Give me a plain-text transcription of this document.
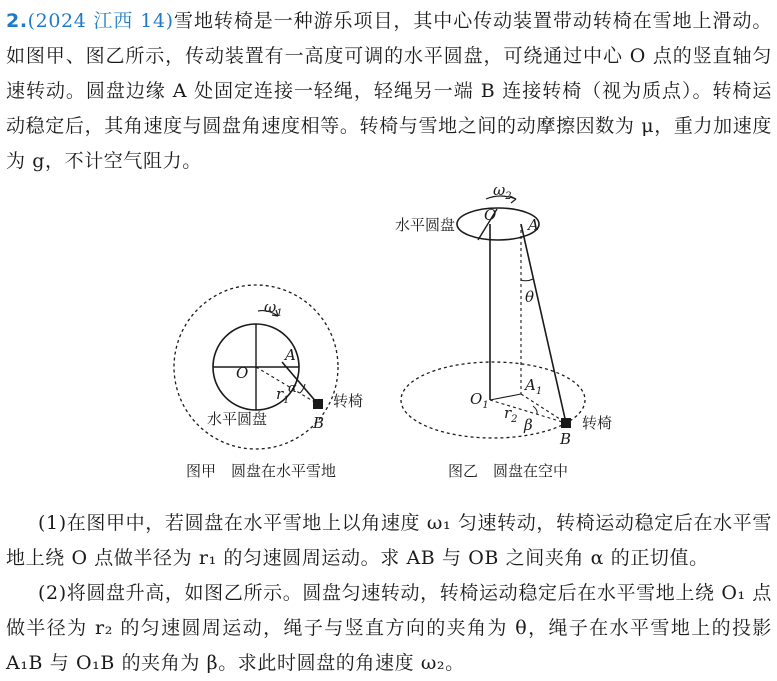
2.(2024 江西 14)雪地转椅是一种游乐项目，其中心传动装置带动转椅在雪地上滑动。如图甲、图乙所示，传动装置有一高度可调的水平圆盘，可绕通过中心 O 点的竖直轴匀速转动。圆盘边缘 A 处固定连接一轻绳，轻绳另一端 B 连接转椅（视为质点）。转椅运动稳定后，其角速度与圆盘角速度相等。转椅与雪地之间的动摩擦因数为 μ，重力加速度为 g，不计空气阻力。
$\omega_1$
O
A
α
$r_1$
B
水平圆盘
转椅
图甲　圆盘在水平雪地
$\omega_2$
O
A
水平圆盘
θ
$A_1$
$O_1$ $r_2$ β
B
转椅
图乙　圆盘在空中
(1)在图甲中，若圆盘在水平雪地上以角速度 ω₁ 匀速转动，转椅运动稳定后在水平雪地上绕 O 点做半径为 r₁ 的匀速圆周运动。求 AB 与 OB 之间夹角 α 的正切值。
(2)将圆盘升高，如图乙所示。圆盘匀速转动，转椅运动稳定后在水平雪地上绕 O₁ 点做半径为 r₂ 的匀速圆周运动，绳子与竖直方向的夹角为 θ，绳子在水平雪地上的投影 A₁B 与 O₁B 的夹角为 β。求此时圆盘的角速度 ω₂。
